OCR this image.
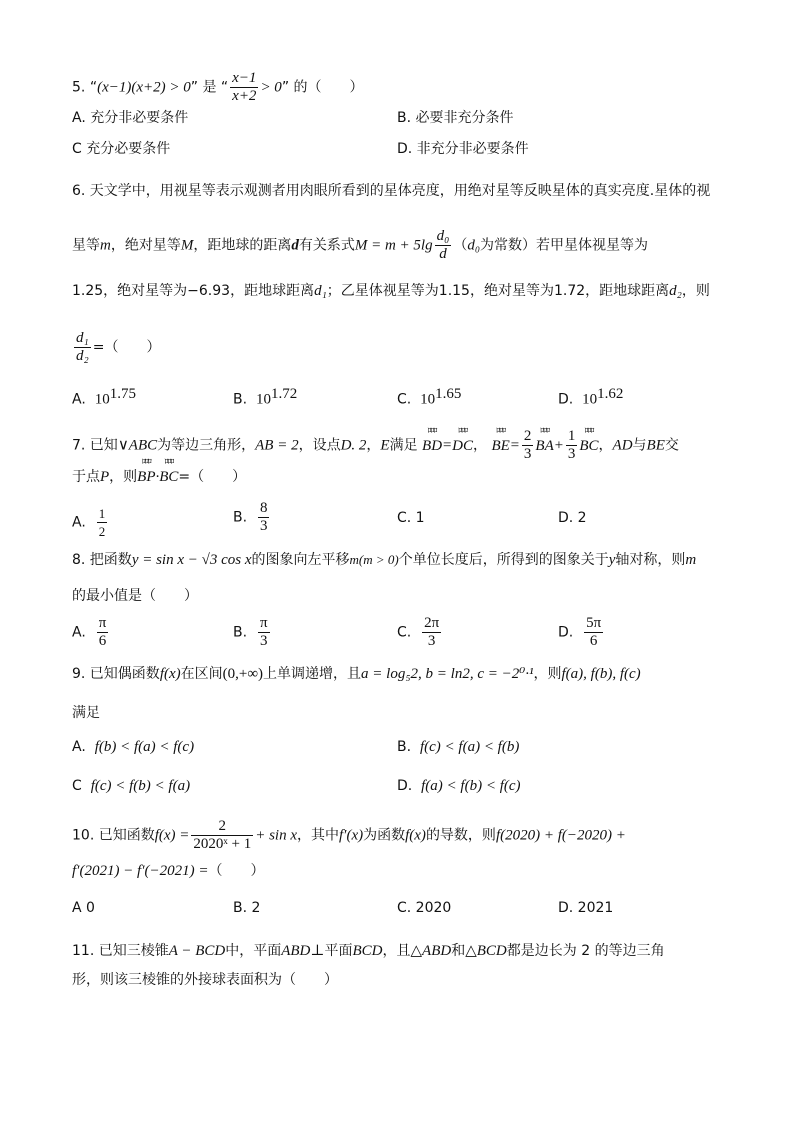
5. “(x−1)(x+2) > 0” 是 “ $\frac{x-1}{x+2} > 0$” 的（　　）
A. 充分非必要条件	B. 必要非充分条件
C 充分必要条件	D. 非充分非必要条件
6. 天文学中，用视星等表示观测者用肉眼所看到的星体亮度，用绝对星等反映星体的真实亮度.星体的视
星等m，绝对星等M，距地球的距离d有关系式$M = m + 5\lg \frac{\text{d₀}}{d} (d_0$为常数）若甲星体视星等为
1.25，绝对星等为−6.93，距地球距离d₁；乙星体视星等为1.15，绝对星等为1.72，距地球距离d₂，则
$\frac{\text{d₁}}{\text{d₂}}$ =（　　）
A. $10^{1.75}$	B. $10^{1.72}$	C. $10^{1.65}$	D. $10^{1.62}$
7. 已知∨ABC为等边三角形，AB = 2，设点D. 2，E满足
ﾛﾛﾛ
BD=
ﾛﾛﾛ
DC，
ﾛﾛﾛ
$BE= \frac{2}{3}$ ﾛﾛﾛ
$BA+ \frac{1}{3}$ ﾛﾛﾛ
BC，AD与BE交
于点P，则
ﾛﾛﾛ
BP·
ﾛﾛﾛ
BC=（　　）
A. $\frac{1}{2}$	B. $\frac{8}{3}$	C. 1	D. 2
8. 把函数y = sin x − √3 cos x的图象向左平移m(m > 0)个单位长度后，所得到的图象关于y轴对称，则m
的最小值是（　　）
A. $\frac{\pi}{6}$	B. $\frac{\pi}{3}$	C. $\frac{2\pi}{3}$	D. $\frac{5\pi}{6}$
9. 已知偶函数f(x)在区间(0,+∞)上单调递增，且a = log₅2, b = ln2, c = −2⁰·¹，则f(a), f(b), f(c)
满足
A. f(b) < f(a) < f(c)	B. f(c) < f(a) < f(b)
C f(c) < f(b) < f(a)	D. f(a) < f(b) < f(c)
10. 已知函数$f(x) = \frac{2}{\text{2020ˣ + 1}} + \sin x$，其中f′(x)为函数f(x)的导数，则f(2020) + f(−2020) +
f′(2021) − f′(−2021) =（　　）
A 0	B. 2	C. 2020	D. 2021
11. 已知三棱锥A − BCD中，平面ABD⊥平面BCD，且△ABD和△BCD都是边长为 2 的等边三角
形，则该三棱锥的外接球表面积为（　　）
